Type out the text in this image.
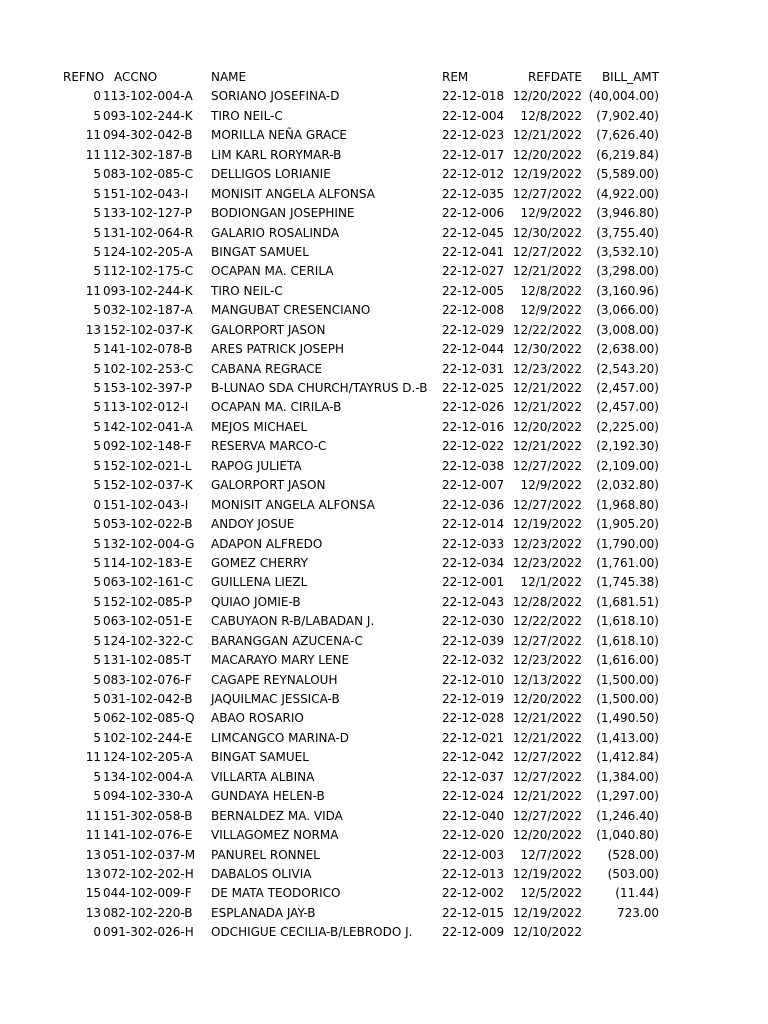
REFNO ACCNO	NAME	REM	REFDATE	BILL_AMT
0 113-102-004-A SORIANO JOSEFINA-D	22-12-018 12/20/2022 (40,004.00)
5 093-102-244-K TIRO NEIL-C	22-12-004 12/8/2022 (7,902.40)
11 094-302-042-B MORILLA NEÑA GRACE	22-12-023 12/21/2022 (7,626.40)
11 112-302-187-B LIM KARL RORYMAR-B	22-12-017 12/20/2022 (6,219.84)
5 083-102-085-C DELLIGOS LORIANIE	22-12-012 12/19/2022 (5,589.00)
5 151-102-043-I MONISIT ANGELA ALFONSA	22-12-035 12/27/2022 (4,922.00)
5 133-102-127-P BODIONGAN JOSEPHINE	22-12-006 12/9/2022 (3,946.80)
5 131-102-064-R GALARIO ROSALINDA	22-12-045 12/30/2022 (3,755.40)
5 124-102-205-A BINGAT SAMUEL	22-12-041 12/27/2022 (3,532.10)
5 112-102-175-C OCAPAN MA. CERILA	22-12-027 12/21/2022 (3,298.00)
11 093-102-244-K TIRO NEIL-C	22-12-005 12/8/2022 (3,160.96)
5 032-102-187-A MANGUBAT CRESENCIANO	22-12-008 12/9/2022 (3,066.00)
13 152-102-037-K GALORPORT JASON	22-12-029 12/22/2022 (3,008.00)
5 141-102-078-B ARES PATRICK JOSEPH	22-12-044 12/30/2022 (2,638.00)
5 102-102-253-C CABANA REGRACE	22-12-031 12/23/2022 (2,543.20)
5 153-102-397-P B-LUNAO SDA CHURCH/TAYRUS D.-B 22-12-025 12/21/2022 (2,457.00)
5 113-102-012-I OCAPAN MA. CIRILA-B	22-12-026 12/21/2022 (2,457.00)
5 142-102-041-A MEJOS MICHAEL	22-12-016 12/20/2022 (2,225.00)
5 092-102-148-F RESERVA MARCO-C	22-12-022 12/21/2022 (2,192.30)
5 152-102-021-L RAPOG JULIETA	22-12-038 12/27/2022 (2,109.00)
5 152-102-037-K GALORPORT JASON	22-12-007 12/9/2022 (2,032.80)
0 151-102-043-I MONISIT ANGELA ALFONSA	22-12-036 12/27/2022 (1,968.80)
5 053-102-022-B ANDOY JOSUE	22-12-014 12/19/2022 (1,905.20)
5 132-102-004-G ADAPON ALFREDO	22-12-033 12/23/2022 (1,790.00)
5 114-102-183-E GOMEZ CHERRY	22-12-034 12/23/2022 (1,761.00)
5 063-102-161-C GUILLENA LIEZL	22-12-001 12/1/2022 (1,745.38)
5 152-102-085-P QUIAO JOMIE-B	22-12-043 12/28/2022 (1,681.51)
5 063-102-051-E CABUYAON R-B/LABADAN J.	22-12-030 12/22/2022 (1,618.10)
5 124-102-322-C BARANGGAN AZUCENA-C	22-12-039 12/27/2022 (1,618.10)
5 131-102-085-T MACARAYO MARY LENE	22-12-032 12/23/2022 (1,616.00)
5 083-102-076-F CAGAPE REYNALOUH	22-12-010 12/13/2022 (1,500.00)
5 031-102-042-B JAQUILMAC JESSICA-B	22-12-019 12/20/2022 (1,500.00)
5 062-102-085-Q ABAO ROSARIO	22-12-028 12/21/2022 (1,490.50)
5 102-102-244-E LIMCANGCO MARINA-D	22-12-021 12/21/2022 (1,413.00)
11 124-102-205-A BINGAT SAMUEL	22-12-042 12/27/2022 (1,412.84)
5 134-102-004-A VILLARTA ALBINA	22-12-037 12/27/2022 (1,384.00)
5 094-102-330-A GUNDAYA HELEN-B	22-12-024 12/21/2022 (1,297.00)
11 151-302-058-B BERNALDEZ MA. VIDA	22-12-040 12/27/2022 (1,246.40)
11 141-102-076-E VILLAGOMEZ NORMA	22-12-020 12/20/2022 (1,040.80)
13 051-102-037-M PANUREL RONNEL	22-12-003 12/7/2022 (528.00)
13 072-102-202-H DABALOS OLIVIA	22-12-013 12/19/2022 (503.00)
15 044-102-009-F DE MATA TEODORICO	22-12-002 12/5/2022	(11.44)
13 082-102-220-B ESPLANADA JAY-B	22-12-015 12/19/2022	723.00
0 091-302-026-H ODCHIGUE CECILIA-B/LEBRODO J. 22-12-009 12/10/2022
